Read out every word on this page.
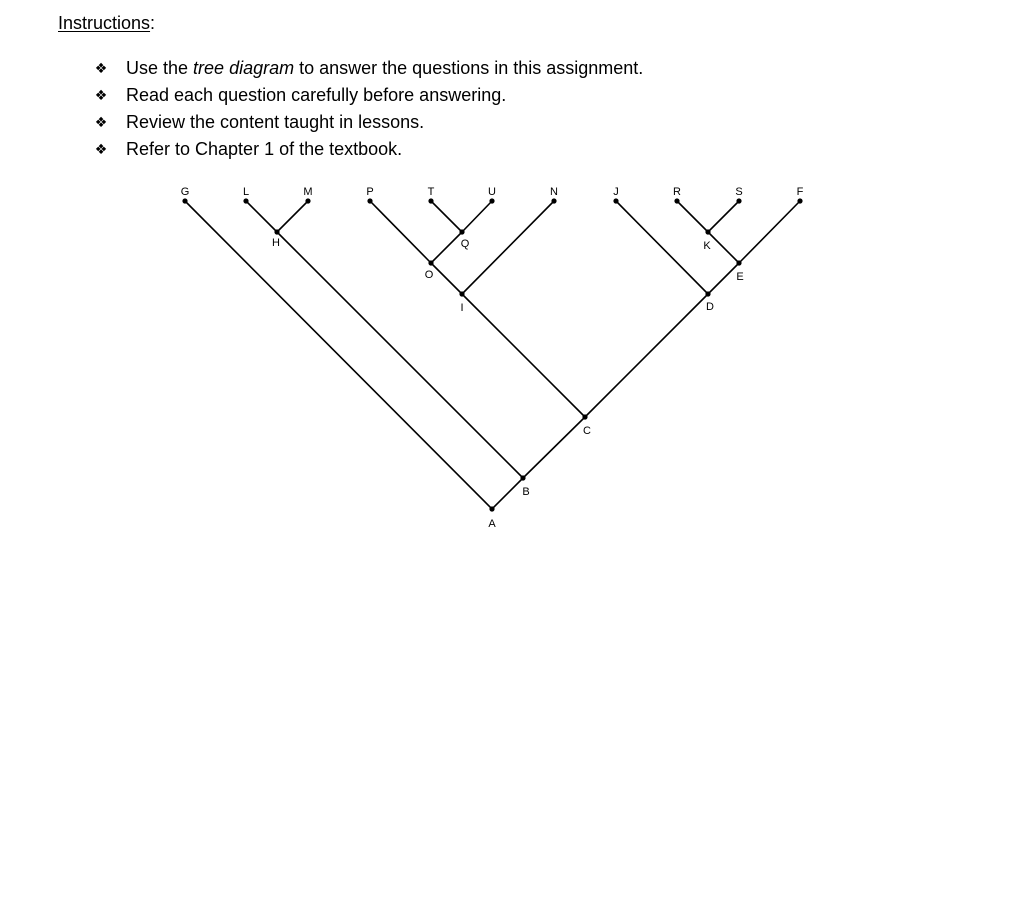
Instructions:
❖ Use the tree diagram to answer the questions in this assignment.
❖ Read each question carefully before answering.
❖ Review the content taught in lessons.
❖ Refer to Chapter 1 of the textbook.
G	L	M	P	T	U	N	J	R	S	F
H	Q
O
I
K
E
D
C
B
A
